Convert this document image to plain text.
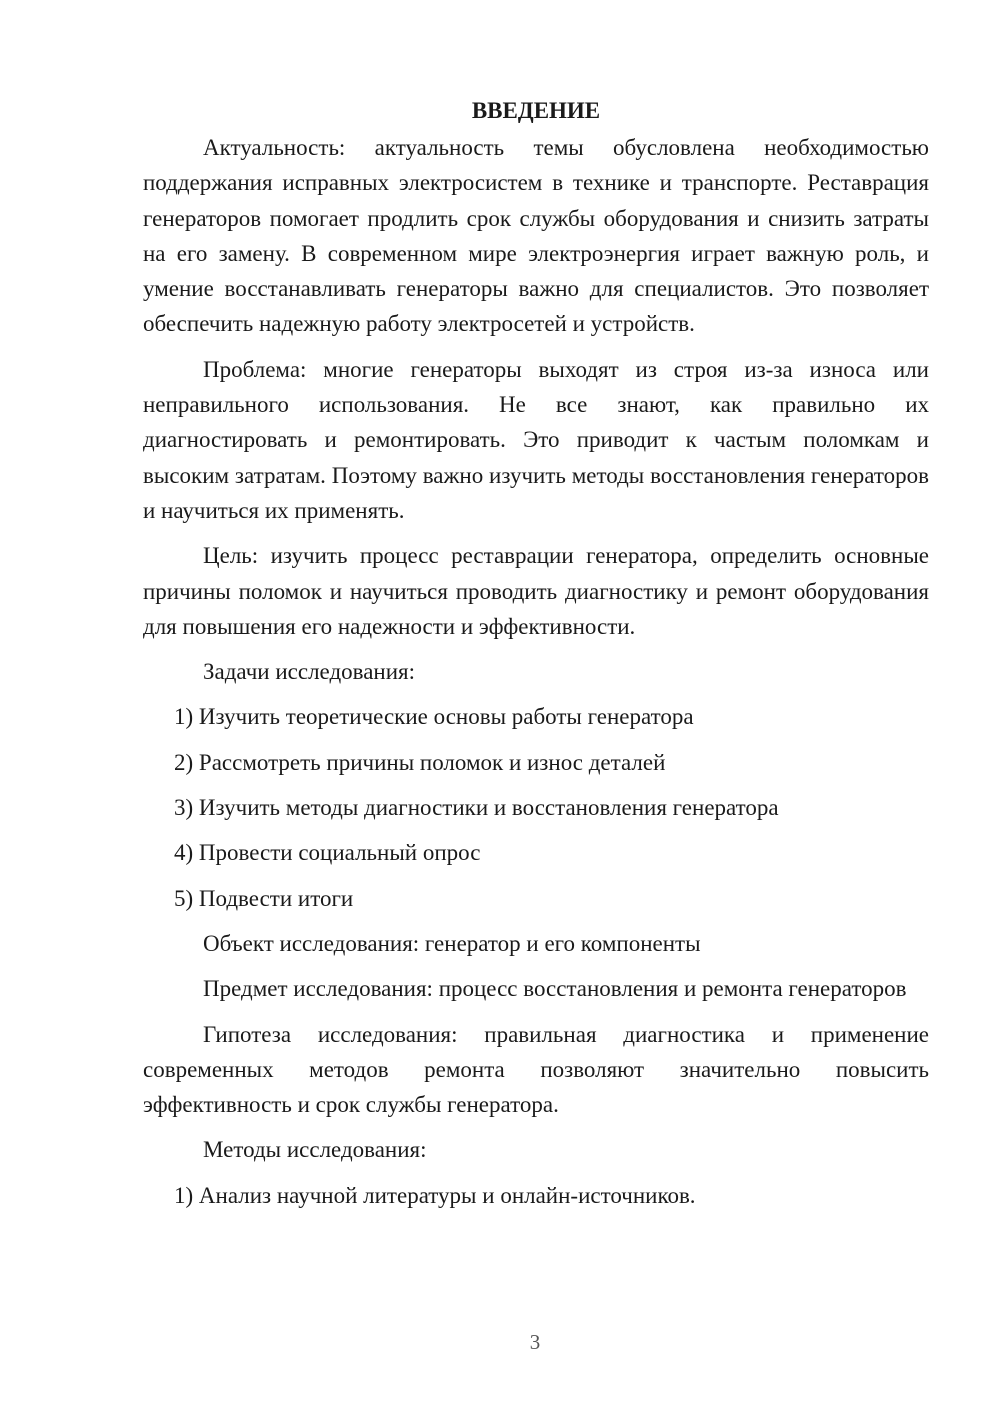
ВВЕДЕНИЕ

Актуальность: актуальность темы обусловлена необходимостью поддержания исправных электросистем в технике и транспорте. Реставрация генераторов помогает продлить срок службы оборудования и снизить затраты на его замену. В современном мире электроэнергия играет важную роль, и умение восстанавливать генераторы важно для специалистов. Это позволяет обеспечить надежную работу электросетей и устройств.

Проблема: многие генераторы выходят из строя из-за износа или неправильного использования. Не все знают, как правильно их диагностировать и ремонтировать. Это приводит к частым поломкам и высоким затратам. Поэтому важно изучить методы восстановления генераторов и научиться их применять.

Цель: изучить процесс реставрации генератора, определить основные причины поломок и научиться проводить диагностику и ремонт оборудования для повышения его надежности и эффективности.

Задачи исследования:

1) Изучить теоретические основы работы генератора

2) Рассмотреть причины поломок и износ деталей

3) Изучить методы диагностики и восстановления генератора

4) Провести социальный опрос

5) Подвести итоги

Объект исследования: генератор и его компоненты

Предмет исследования: процесс восстановления и ремонта генераторов

Гипотеза исследования: правильная диагностика и применение современных методов ремонта позволяют значительно повысить эффективность и срок службы генератора.

Методы исследования:

1) Анализ научной литературы и онлайн-источников.

3
